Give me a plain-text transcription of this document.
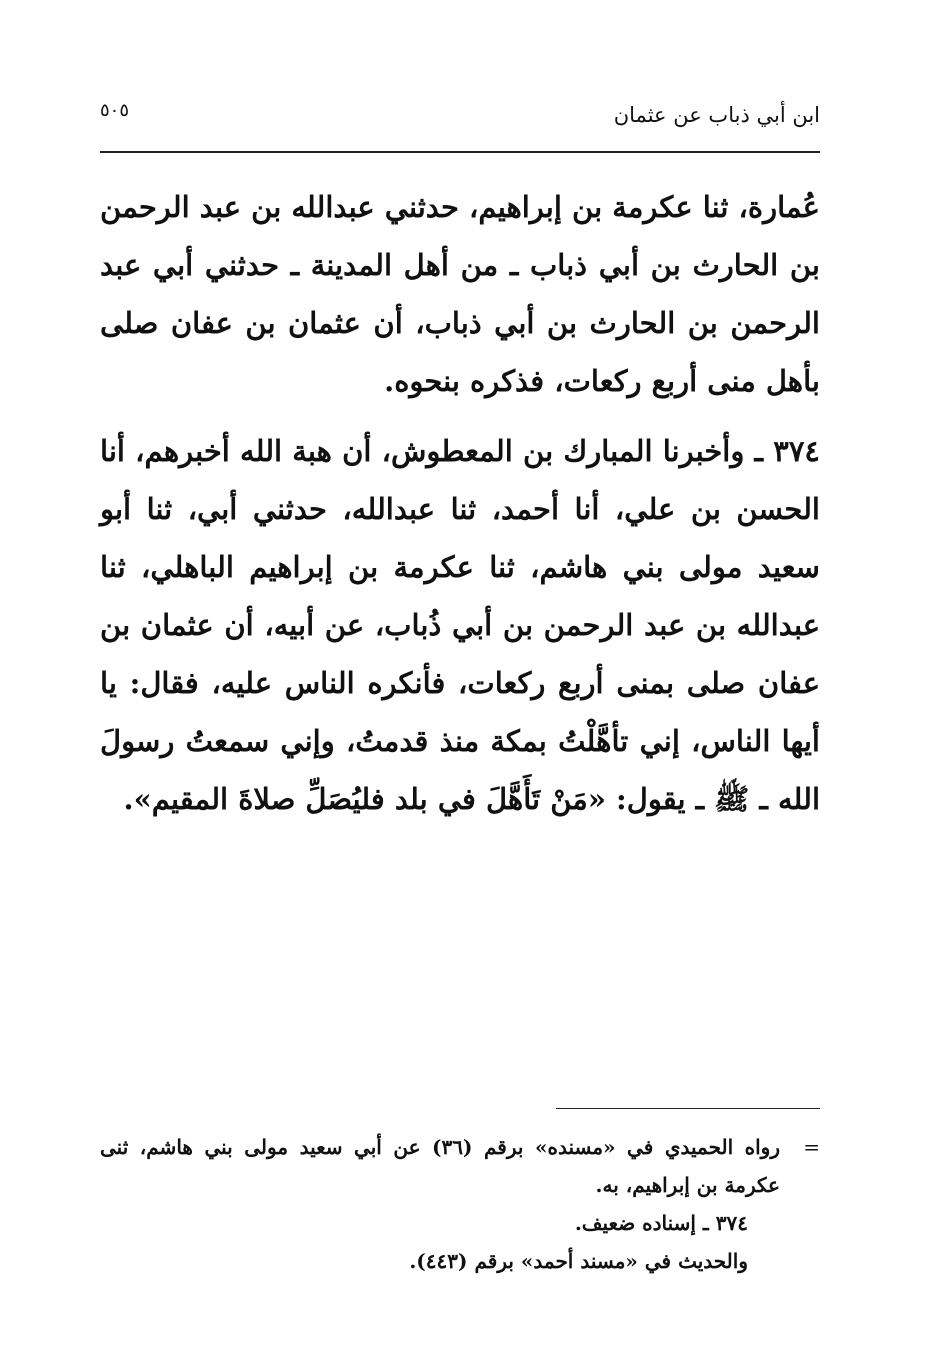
٥٠٥	ابن أبي ذباب عن عثمان

عُمارة، ثنا عكرمة بن إبراهيم، حدثني عبدالله بن عبد الرحمن بن الحارث بن أبي ذباب ـ من أهل المدينة ـ حدثني أبي عبد الرحمن بن الحارث بن أبي ذباب، أن عثمان بن عفان صلى بأهل منى أربع ركعات، فذكره بنحوه.

٣٧٤ ـ وأخبرنا المبارك بن المعطوش، أن هبة الله أخبرهم، أنا الحسن بن علي، أنا أحمد، ثنا عبدالله، حدثني أبي، ثنا أبو سعيد مولى بني هاشم، ثنا عكرمة بن إبراهيم الباهلي، ثنا عبدالله بن عبد الرحمن بن أبي ذُباب، عن أبيه، أن عثمان بن عفان صلى بمنى أربع ركعات، فأنكره الناس عليه، فقال: يا أيها الناس، إني تأهَّلْتُ بمكة منذ قدمتُ، وإني سمعتُ رسولَ الله ـ ﷺ ـ يقول: «مَنْ تَأَهَّلَ في بلد فليُصَلِّ صلاةَ المقيم».

=
رواه الحميدي في «مسنده» برقم (٣٦) عن أبي سعيد مولى بني هاشم، ثنى عكرمة بن إبراهيم، به.

٣٧٤ ـ إسناده ضعيف.

والحديث في «مسند أحمد» برقم (٤٤٣).
